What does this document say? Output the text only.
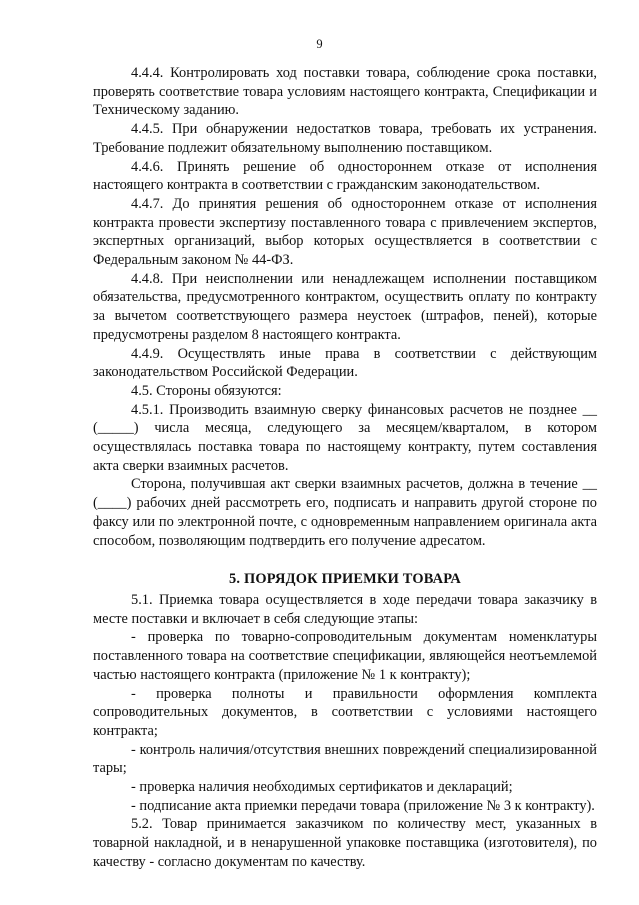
9

4.4.4. Контролировать ход поставки товара, соблюдение срока поставки, проверять соответствие товара условиям настоящего контракта, Спецификации и Техническому заданию.

4.4.5. При обнаружении недостатков товара, требовать их устранения. Требование подлежит обязательному выполнению поставщиком.

4.4.6. Принять решение об одностороннем отказе от исполнения настоящего контракта в соответствии с гражданским законодательством.

4.4.7. До принятия решения об одностороннем отказе от исполнения контракта провести экспертизу поставленного товара с привлечением экспертов, экспертных организаций, выбор которых осуществляется в соответствии с Федеральным законом № 44-ФЗ.

4.4.8. При неисполнении или ненадлежащем исполнении поставщиком обязательства, предусмотренного контрактом, осуществить оплату по контракту за вычетом соответствующего размера неустоек (штрафов, пеней), которые предусмотрены разделом 8 настоящего контракта.

4.4.9. Осуществлять иные права в соответствии с действующим законодательством Российской Федерации.

4.5. Стороны обязуются:

4.5.1. Производить взаимную сверку финансовых расчетов не позднее __ (_____) числа месяца, следующего за месяцем/кварталом, в котором осуществлялась поставка товара по настоящему контракту, путем составления акта сверки взаимных расчетов.

Сторона, получившая акт сверки взаимных расчетов, должна в течение __ (____) рабочих дней рассмотреть его, подписать и направить другой стороне по факсу или по электронной почте, с одновременным направлением оригинала акта способом, позволяющим подтвердить его получение адресатом.

5. ПОРЯДОК ПРИЕМКИ ТОВАРА

5.1. Приемка товара осуществляется в ходе передачи товара заказчику в месте поставки и включает в себя следующие этапы:

- проверка по товарно-сопроводительным документам номенклатуры поставленного товара на соответствие спецификации, являющейся неотъемлемой частью настоящего контракта (приложение № 1 к контракту);

- проверка полноты и правильности оформления комплекта сопроводительных документов, в соответствии с условиями настоящего контракта;

- контроль наличия/отсутствия внешних повреждений специализированной тары;

- проверка наличия необходимых сертификатов и деклараций;

- подписание акта приемки передачи товара (приложение № 3 к контракту).

5.2. Товар принимается заказчиком по количеству мест, указанных в товарной накладной, и в ненарушенной упаковке поставщика (изготовителя), по качеству - согласно документам по качеству.
